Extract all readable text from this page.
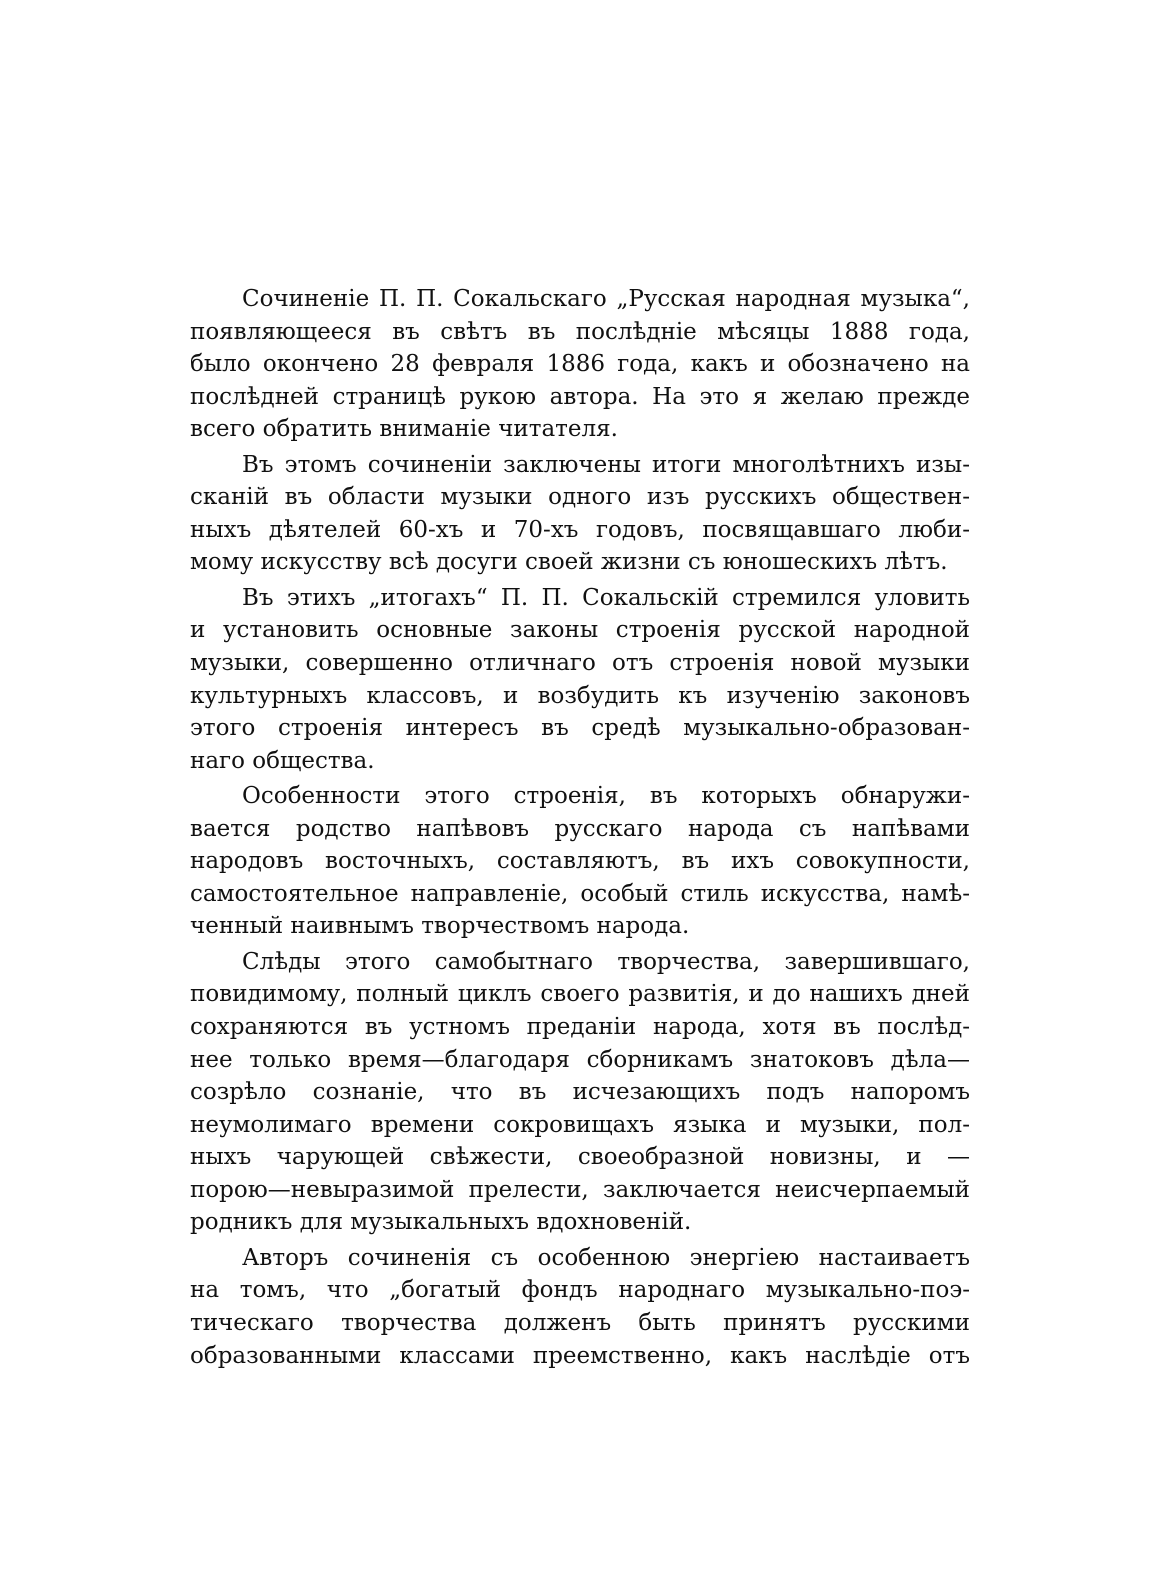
Сочиненіе П. П. Сокальскаго „Русская народная музыка“,
появляющееся въ свѣтъ въ послѣдніе мѣсяцы 1888 года,
было окончено 28 февраля 1886 года, какъ и обозначено на
послѣдней страницѣ рукою автора. На это я желаю прежде
всего обратить вниманіе читателя.
Въ этомъ сочиненіи заключены итоги многолѣтнихъ изы-
сканій въ области музыки одного изъ русскихъ обществен-
ныхъ дѣятелей 60-хъ и 70-хъ годовъ, посвящавшаго люби-
мому искусству всѣ досуги своей жизни съ юношескихъ лѣтъ.
Въ этихъ „итогахъ“ П. П. Сокальскій стремился уловить
и установить основные законы строенія русской народной
музыки, совершенно отличнаго отъ строенія новой музыки
культурныхъ классовъ, и возбудить къ изученію законовъ
этого строенія интересъ въ средѣ музыкально-образован-
наго общества.
Особенности этого строенія, въ которыхъ обнаружи-
вается родство напѣвовъ русскаго народа съ напѣвами
народовъ восточныхъ, составляютъ, въ ихъ совокупности,
самостоятельное направленіе, особый стиль искусства, намѣ-
ченный наивнымъ творчествомъ народа.
Слѣды этого самобытнаго творчества, завершившаго,
повидимому, полный циклъ своего развитія, и до нашихъ дней
сохраняются въ устномъ преданіи народа, хотя въ послѣд-
нее только время—благодаря сборникамъ знатоковъ дѣла—
созрѣло сознаніе, что въ исчезающихъ подъ напоромъ
неумолимаго времени сокровищахъ языка и музыки, пол-
ныхъ чарующей свѣжести, своеобразной новизны, и —
порою—невыразимой прелести, заключается неисчерпаемый
родникъ для музыкальныхъ вдохновеній.
Авторъ сочиненія съ особенною энергіею настаиваетъ
на томъ, что „богатый фондъ народнаго музыкально-поэ-
тическаго творчества долженъ быть принятъ русскими
образованными классами преемственно, какъ наслѣдіе отъ
